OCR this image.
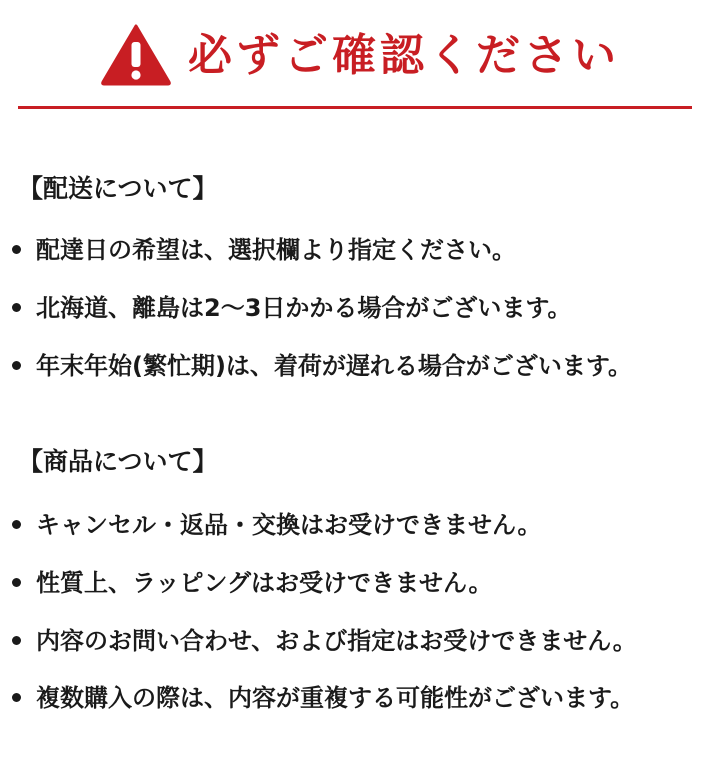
必ずご確認ください
【配送について】
配達日の希望は、選択欄より指定ください。
北海道、離島は2〜3日かかる場合がございます。
年末年始(繁忙期)は、着荷が遅れる場合がございます。
【商品について】
キャンセル・返品・交換はお受けできません。
性質上、ラッピングはお受けできません。
内容のお問い合わせ、および指定はお受けできません。
複数購入の際は、内容が重複する可能性がございます。
